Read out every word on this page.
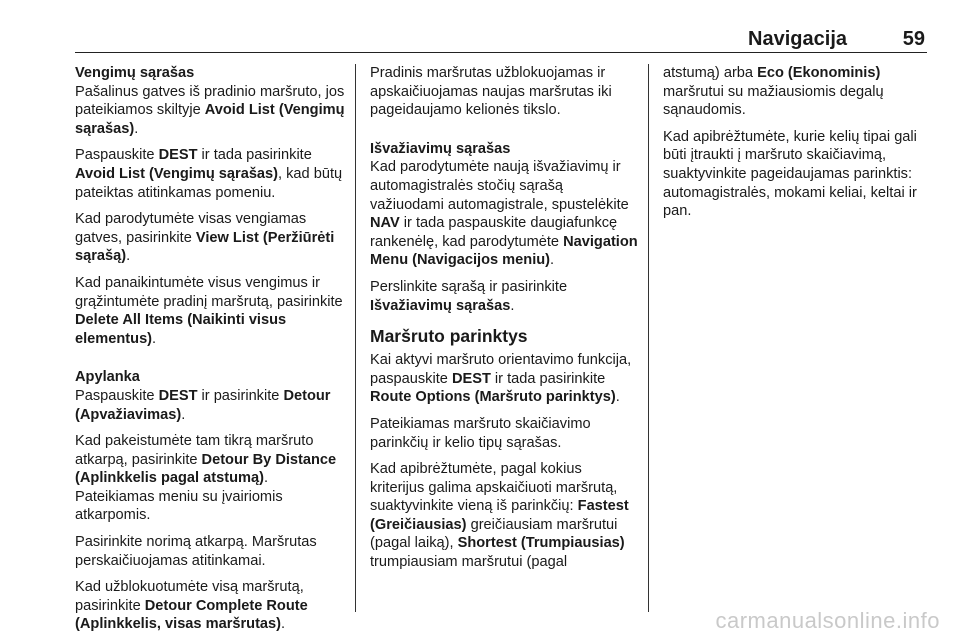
Navigacija	59
Vengimų sąrašas

Pašalinus gatves iš pradinio maršruto, jos pateikiamos skiltyje Avoid List (Vengimų sąrašas).

Paspauskite DEST ir tada pasirinkite Avoid List (Vengimų sąrašas), kad būtų pateiktas atitinkamas pomeniu.

Kad parodytumėte visas vengiamas gatves, pasirinkite View List (Peržiūrėti sąrašą).

Kad panaikintumėte visus vengimus ir grąžintumėte pradinį maršrutą, pasirinkite Delete All Items (Naikinti visus elementus).

Apylanka

Paspauskite DEST ir pasirinkite Detour (Apvažiavimas).

Kad pakeistumėte tam tikrą maršruto atkarpą, pasirinkite Detour By Distance (Aplinkkelis pagal atstumą). Pateikiamas meniu su įvairiomis atkarpomis.

Pasirinkite norimą atkarpą. Maršrutas perskaičiuojamas atitinkamai.

Kad užblokuotumėte visą maršrutą, pasirinkite Detour Complete Route (Aplinkkelis, visas maršrutas).

Pradinis maršrutas užblokuojamas ir apskaičiuojamas naujas maršrutas iki pageidaujamo kelionės tikslo.

Išvažiavimų sąrašas

Kad parodytumėte naują išvažiavimų ir automagistralės stočių sąrašą važiuodami automagistrale, spustelėkite NAV ir tada paspauskite daugiafunkcę rankenėlę, kad parodytumėte Navigation Menu (Navigacijos meniu).

Perslinkite sąrašą ir pasirinkite Išvažiavimų sąrašas.

Maršruto parinktys

Kai aktyvi maršruto orientavimo funkcija, paspauskite DEST ir tada pasirinkite Route Options (Maršruto parinktys).

Pateikiamas maršruto skaičiavimo parinkčių ir kelio tipų sąrašas.

Kad apibrėžtumėte, pagal kokius kriterijus galima apskaičiuoti maršrutą, suaktyvinkite vieną iš parinkčių: Fastest (Greičiausias) greičiausiam maršrutui (pagal laiką), Shortest (Trumpiausias) trumpiausiam maršrutui (pagal

atstumą) arba Eco (Ekonominis) maršrutui su mažiausiomis degalų sąnaudomis.

Kad apibrėžtumėte, kurie kelių tipai gali būti įtraukti į maršruto skaičiavimą, suaktyvinkite pageidaujamas parinktis: automagistralės, mokami keliai, keltai ir pan.

carmanualsonline.info
